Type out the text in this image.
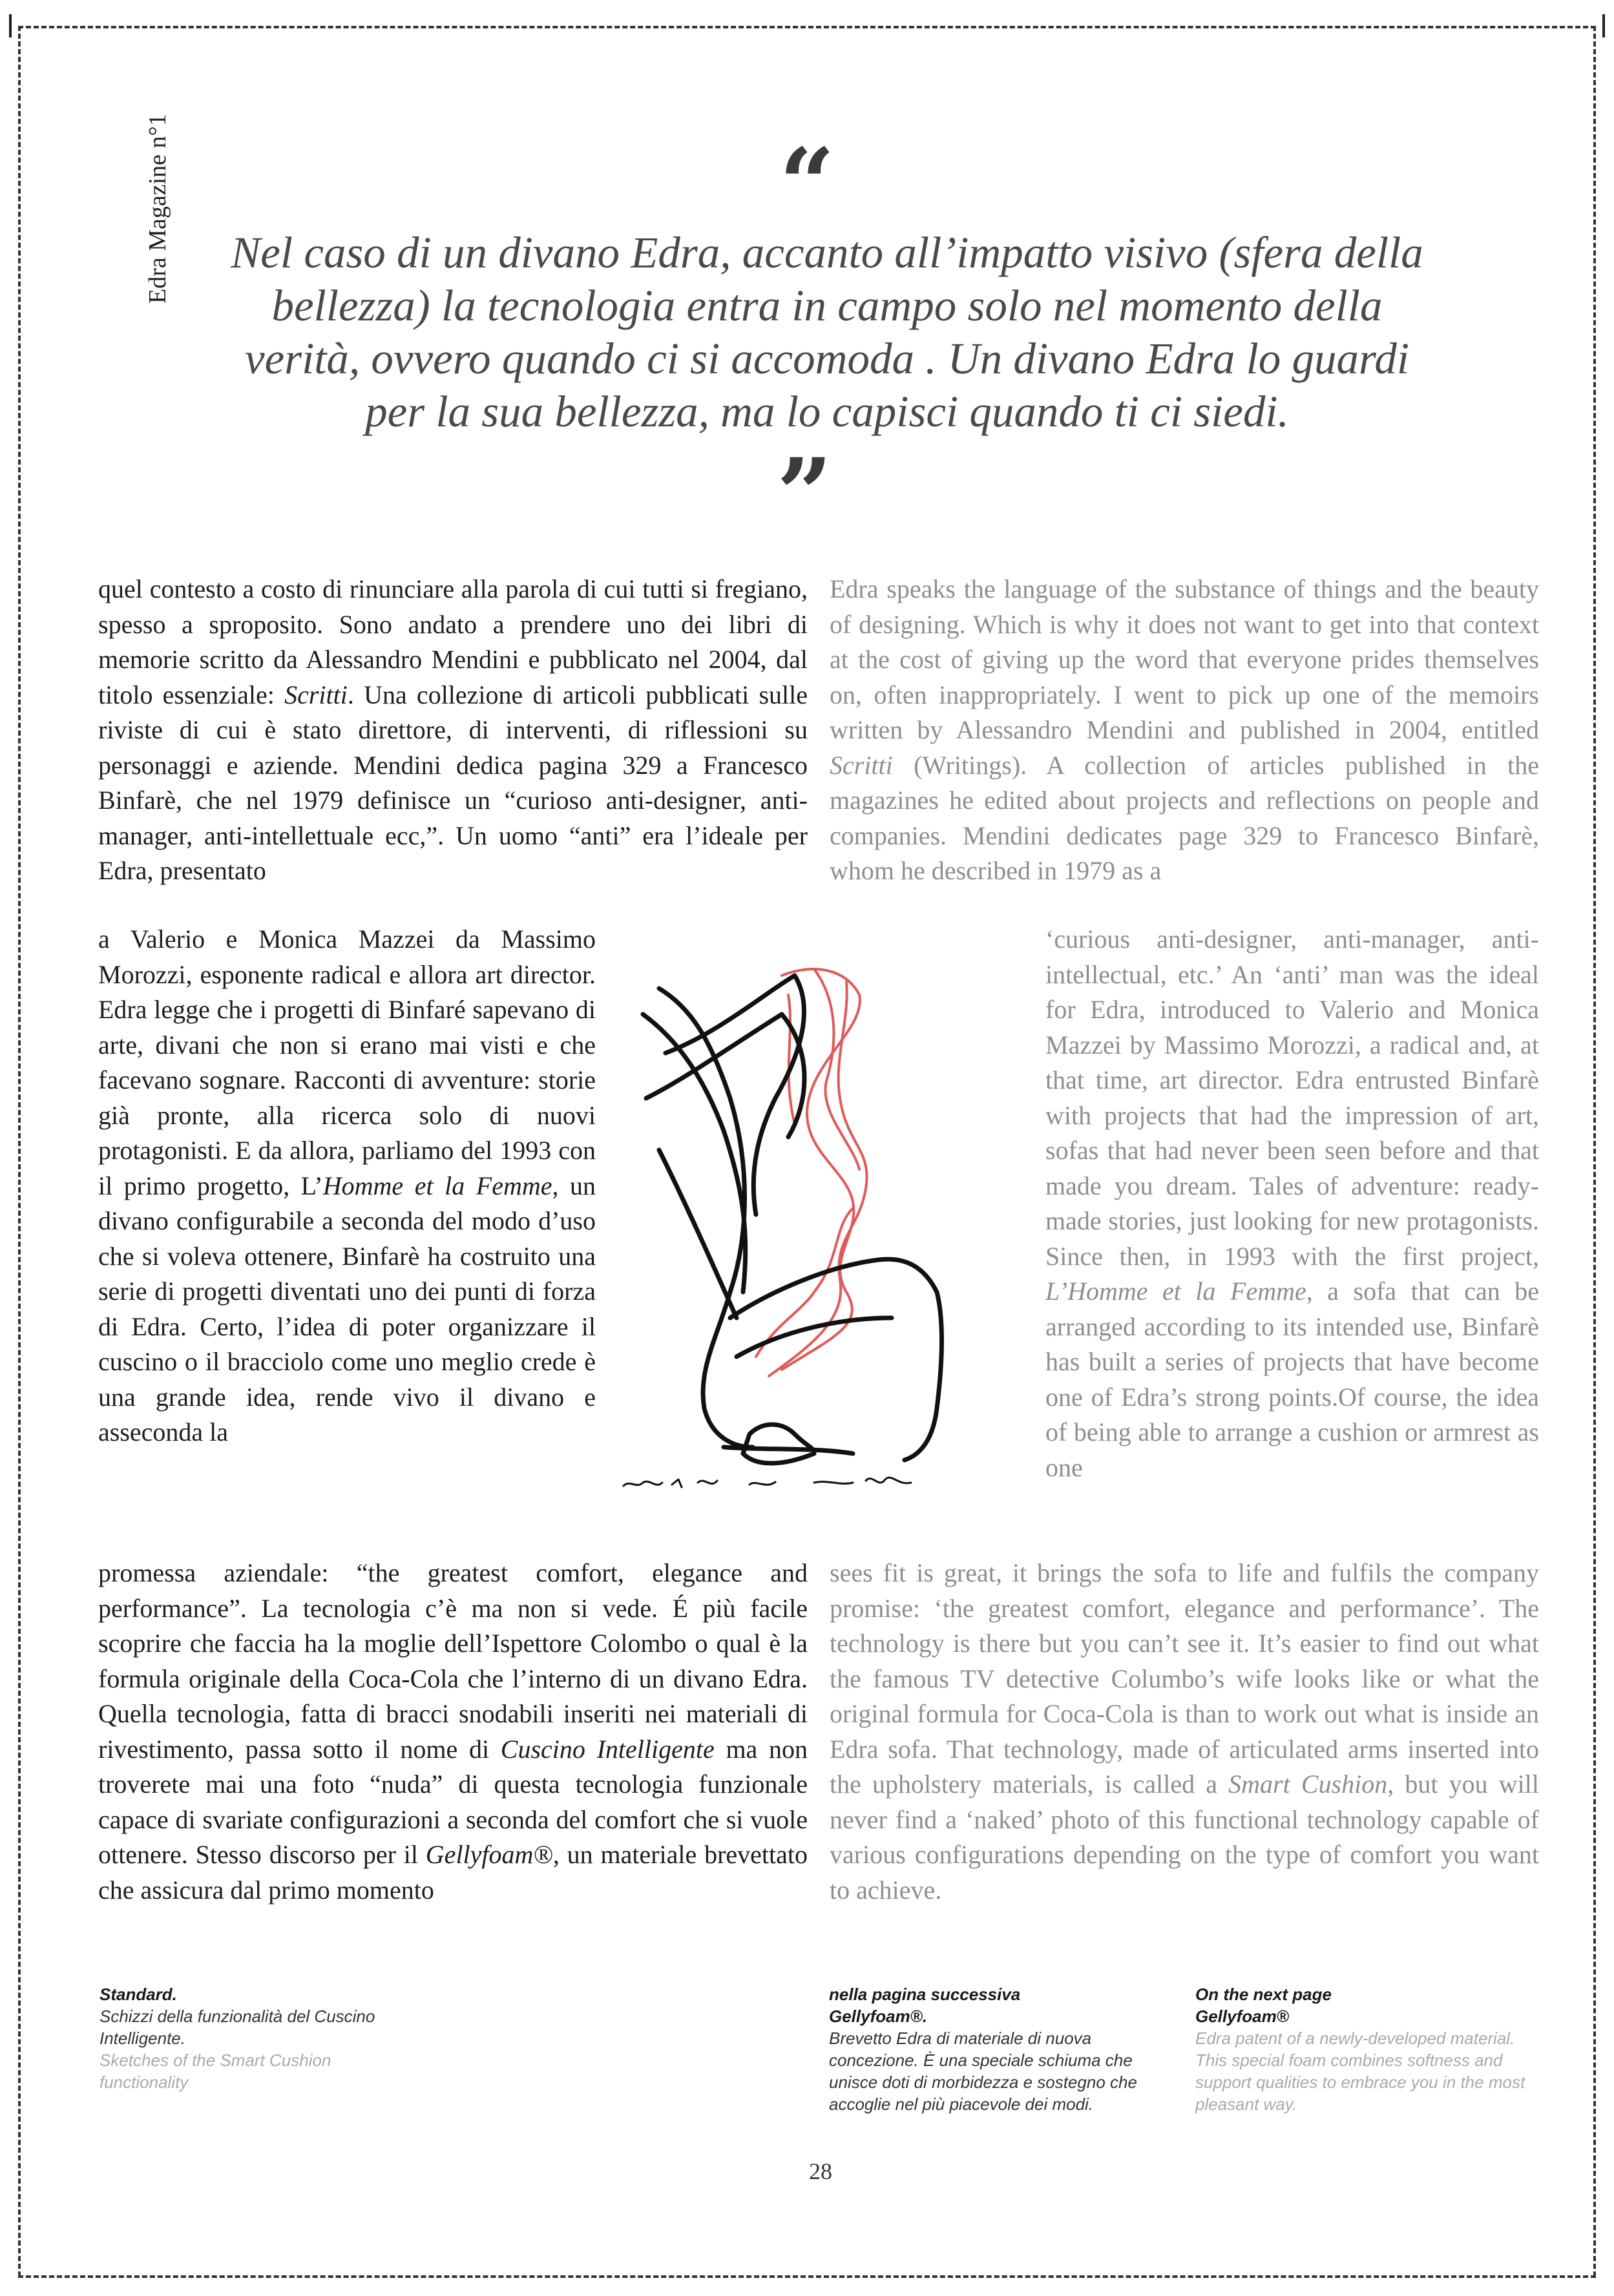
Edra Magazine n°1	“

Nel caso di un divano Edra, accanto all’impatto visivo (sfera della bellezza) la tecnologia entra in campo solo nel momento della verità, ovvero quando ci si accomoda . Un divano Edra lo guardi per la sua bellezza, ma lo capisci quando ti ci siedi.

”

quel contesto a costo di rinunciare alla parola di cui tutti si fregiano, spesso a sproposito. Sono andato a prendere uno dei libri di memorie scritto da Alessandro Mendini e pubblicato nel 2004, dal titolo essenziale: Scritti. Una collezione di articoli pubblicati sulle riviste di cui è stato direttore, di interventi, di riflessioni su personaggi e aziende. Mendini dedica pagina 329 a Francesco Binfarè, che nel 1979 definisce un “curioso anti-designer, anti-manager, anti-intellettuale ecc,”. Un uomo “anti” era l’ideale per Edra, presentato

a Valerio e Monica Mazzei da Massimo Morozzi, esponente radical e allora art director. Edra legge che i progetti di Binfaré sapevano di arte, divani che non si erano mai visti e che facevano sognare. Racconti di avventure: storie già pronte, alla ricerca solo di nuovi protagonisti. E da allora, parliamo del 1993 con il primo progetto, L’Homme et la Femme, un divano configurabile a seconda del modo d’uso che si voleva ottenere, Binfarè ha costruito una serie di progetti diventati uno dei punti di forza di Edra. Certo, l’idea di poter organizzare il cuscino o il bracciolo come uno meglio crede è una grande idea, rende vivo il divano e asseconda la

promessa aziendale: “the greatest comfort, elegance and performance”. La tecnologia c’è ma non si vede. É più facile scoprire che faccia ha la moglie dell’Ispettore Colombo o qual è la formula originale della Coca-Cola che l’interno di un divano Edra. Quella tecnologia, fatta di bracci snodabili inseriti nei materiali di rivestimento, passa sotto il nome di Cuscino Intelligente ma non troverete mai una foto “nuda” di questa tecnologia funzionale capace di svariate configurazioni a seconda del comfort che si vuole ottenere. Stesso discorso per il Gellyfoam®, un materiale brevettato che assicura dal primo momento

Edra speaks the language of the substance of things and the beauty of designing. Which is why it does not want to get into that context at the cost of giving up the word that everyone prides themselves on, often inappropriately. I went to pick up one of the memoirs written by Alessandro Mendini and published in 2004, entitled Scritti (Writings). A collection of articles published in the magazines he edited about projects and reflections on people and companies. Mendini dedicates page 329 to Francesco Binfarè, whom he described in 1979 as a

‘curious anti-designer, anti-manager, anti-intellectual, etc.’ An ‘anti’ man was the ideal for Edra, introduced to Valerio and Monica Mazzei by Massimo Morozzi, a radical and, at that time, art director. Edra entrusted Binfarè with projects that had the impression of art, sofas that had never been seen before and that made you dream. Tales of adventure: ready-made stories, just looking for new protagonists. Since then, in 1993 with the first project, L’Homme et la Femme, a sofa that can be arranged according to its intended use, Binfarè has built a series of projects that have become one of Edra’s strong points.Of course, the idea of being able to arrange a cushion or armrest as one

sees fit is great, it brings the sofa to life and fulfils the company promise: ‘the greatest comfort, elegance and performance’. The technology is there but you can’t see it. It’s easier to find out what the famous TV detective Columbo’s wife looks like or what the original formula for Coca-Cola is than to work out what is inside an Edra sofa. That technology, made of articulated arms inserted into the upholstery materials, is called a Smart Cushion, but you will never find a ‘naked’ photo of this functional technology capable of various configurations depending on the type of comfort you want to achieve.

Standard.
Schizzi della funzionalità del Cuscino Intelligente.
Sketches of the Smart Cushion functionality
nella pagina successiva
Gellyfoam®.
Brevetto Edra di materiale di nuova concezione. È una speciale schiuma che unisce doti di morbidezza e sostegno che accoglie nel più piacevole dei modi.
On the next page
Gellyfoam®
Edra patent of a newly-developed material. This special foam combines softness and support qualities to embrace you in the most pleasant way.
28
